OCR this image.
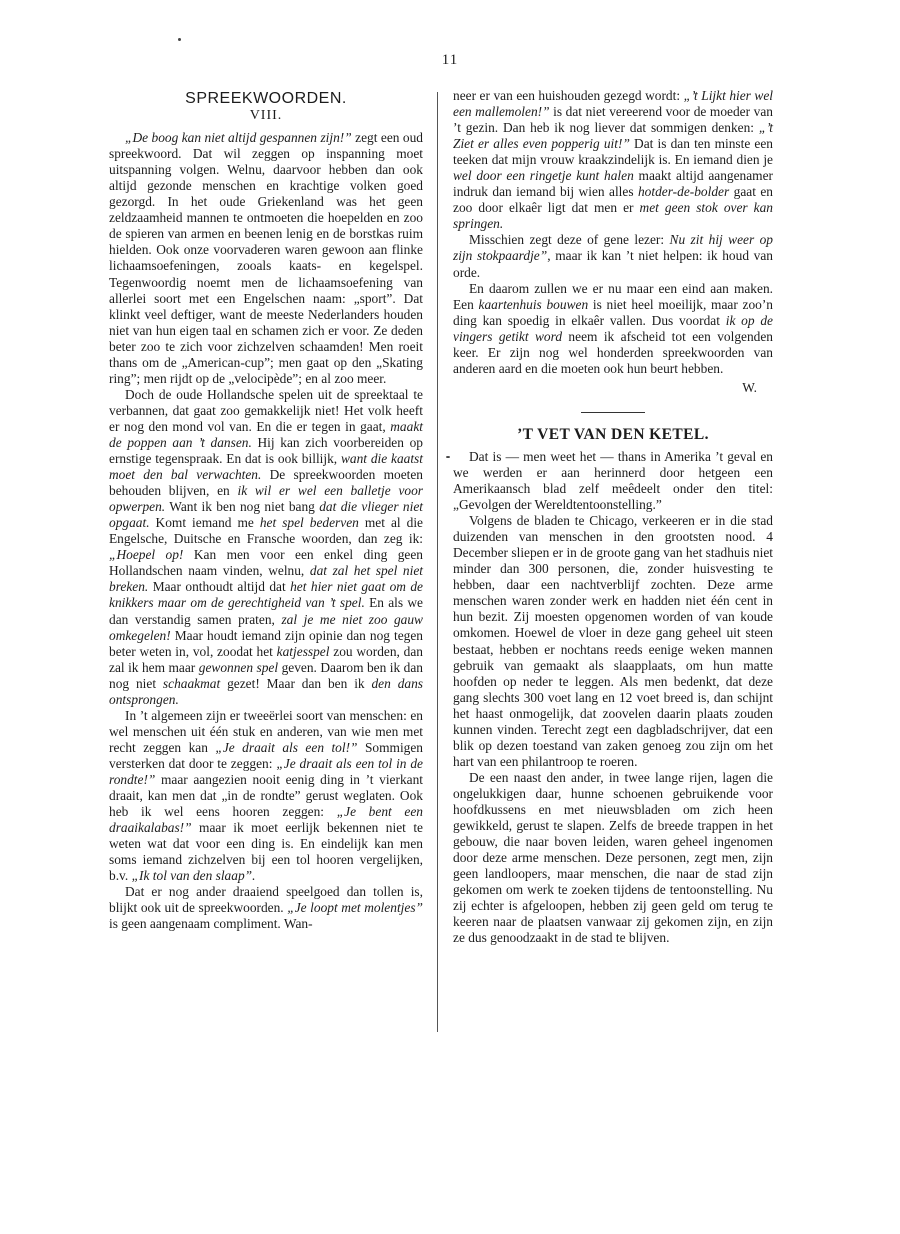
11
SPREEKWOORDEN.
VIII.

„De boog kan niet altijd gespannen zijn!” zegt een oud spreekwoord. Dat wil zeggen op inspanning moet uitspanning volgen. Welnu, daarvoor hebben dan ook altijd gezonde menschen en krachtige volken goed gezorgd. In het oude Griekenland was het geen zeldzaamheid mannen te ontmoeten die hoepelden en zoo de spieren van armen en beenen lenig en de borstkas ruim hielden. Ook onze voorvaderen waren gewoon aan flinke lichaamsoefeningen, zooals kaats- en kegelspel. Tegenwoordig noemt men de lichaamsoefening van allerlei soort met een Engelschen naam: „sport”. Dat klinkt veel deftiger, want de meeste Nederlanders houden niet van hun eigen taal en schamen zich er voor. Ze deden beter zoo te zich voor zichzelven schaamden! Men roeit thans om de „American-cup”; men gaat op den „Skating ring”; men rijdt op de „velocipède”; en al zoo meer.

Doch de oude Hollandsche spelen uit de spreektaal te verbannen, dat gaat zoo gemakkelijk niet! Het volk heeft er nog den mond vol van. En die er tegen in gaat, maakt de poppen aan ’t dansen. Hij kan zich voorbereiden op ernstige tegenspraak. En dat is ook billijk, want die kaatst moet den bal verwachten. De spreekwoorden moeten behouden blijven, en ik wil er wel een balletje voor opwerpen. Want ik ben nog niet bang dat die vlieger niet opgaat. Komt iemand me het spel bederven met al die Engelsche, Duitsche en Fransche woorden, dan zeg ik: „Hoepel op! Kan men voor een enkel ding geen Hollandschen naam vinden, welnu, dat zal het spel niet breken. Maar onthoudt altijd dat het hier niet gaat om de knikkers maar om de gerechtigheid van ’t spel. En als we dan verstandig samen praten, zal je me niet zoo gauw omkegelen! Maar houdt iemand zijn opinie dan nog tegen beter weten in, vol, zoodat het katjesspel zou worden, dan zal ik hem maar gewonnen spel geven. Daarom ben ik dan nog niet schaakmat gezet! Maar dan ben ik den dans ontsprongen.

In ’t algemeen zijn er tweeërlei soort van menschen: en wel menschen uit één stuk en anderen, van wie men met recht zeggen kan „Je draait als een tol!” Sommigen versterken dat door te zeggen: „Je draait als een tol in de rondte!” maar aangezien nooit eenig ding in ’t vierkant draait, kan men dat „in de rondte” gerust weglaten. Ook heb ik wel eens hooren zeggen: „Je bent een draaikalabas!” maar ik moet eerlijk bekennen niet te weten wat dat voor een ding is. En eindelijk kan men soms iemand zichzelven bij een tol hooren vergelijken, b.v. „Ik tol van den slaap”.

Dat er nog ander draaiend speelgoed dan tollen is, blijkt ook uit de spreekwoorden. „Je loopt met molentjes” is geen aangenaam compliment. Wan-

neer er van een huishouden gezegd wordt: „’t Lijkt hier wel een mallemolen!” is dat niet vereerend voor de moeder van ’t gezin. Dan heb ik nog liever dat sommigen denken: „’t Ziet er alles even popperig uit!” Dat is dan ten minste een teeken dat mijn vrouw kraakzindelijk is. En iemand dien je wel door een ringetje kunt halen maakt altijd aangenamer indruk dan iemand bij wien alles hotder-de-bolder gaat en zoo door elkaêr ligt dat men er met geen stok over kan springen.

Misschien zegt deze of gene lezer: Nu zit hij weer op zijn stokpaardje”, maar ik kan ’t niet helpen: ik houd van orde.

En daarom zullen we er nu maar een eind aan maken. Een kaartenhuis bouwen is niet heel moeilijk, maar zoo’n ding kan spoedig in elkaêr vallen. Dus voordat ik op de vingers getikt word neem ik afscheid tot een volgenden keer. Er zijn nog wel honderden spreekwoorden van anderen aard en die moeten ook hun beurt hebben.

W.
’T VET VAN DEN KETEL.

Dat is — men weet het — thans in Amerika ’t geval en we werden er aan herinnerd door hetgeen een Amerikaansch blad zelf meêdeelt onder den titel: „Gevolgen der Wereldtentoonstelling.”

Volgens de bladen te Chicago, verkeeren er in die stad duizenden van menschen in den grootsten nood. 4 December sliepen er in de groote gang van het stadhuis niet minder dan 300 personen, die, zonder huisvesting te hebben, daar een nachtverblijf zochten. Deze arme menschen waren zonder werk en hadden niet één cent in hun bezit. Zij moesten opgenomen worden of van koude omkomen. Hoewel de vloer in deze gang geheel uit steen bestaat, hebben er nochtans reeds eenige weken mannen gebruik van gemaakt als slaapplaats, om hun matte hoofden op neder te leggen. Als men bedenkt, dat deze gang slechts 300 voet lang en 12 voet breed is, dan schijnt het haast onmogelijk, dat zoovelen daarin plaats zouden kunnen vinden. Terecht zegt een dagbladschrijver, dat een blik op dezen toestand van zaken genoeg zou zijn om het hart van een philantroop te roeren.

De een naast den ander, in twee lange rijen, lagen die ongelukkigen daar, hunne schoenen gebruikende voor hoofdkussens en met nieuwsbladen om zich heen gewikkeld, gerust te slapen. Zelfs de breede trappen in het gebouw, die naar boven leiden, waren geheel ingenomen door deze arme menschen. Deze personen, zegt men, zijn geen landloopers, maar menschen, die naar de stad zijn gekomen om werk te zoeken tijdens de tentoonstelling. Nu zij echter is afgeloopen, hebben zij geen geld om terug te keeren naar de plaatsen vanwaar zij gekomen zijn, en zijn ze dus genoodzaakt in de stad te blijven.
